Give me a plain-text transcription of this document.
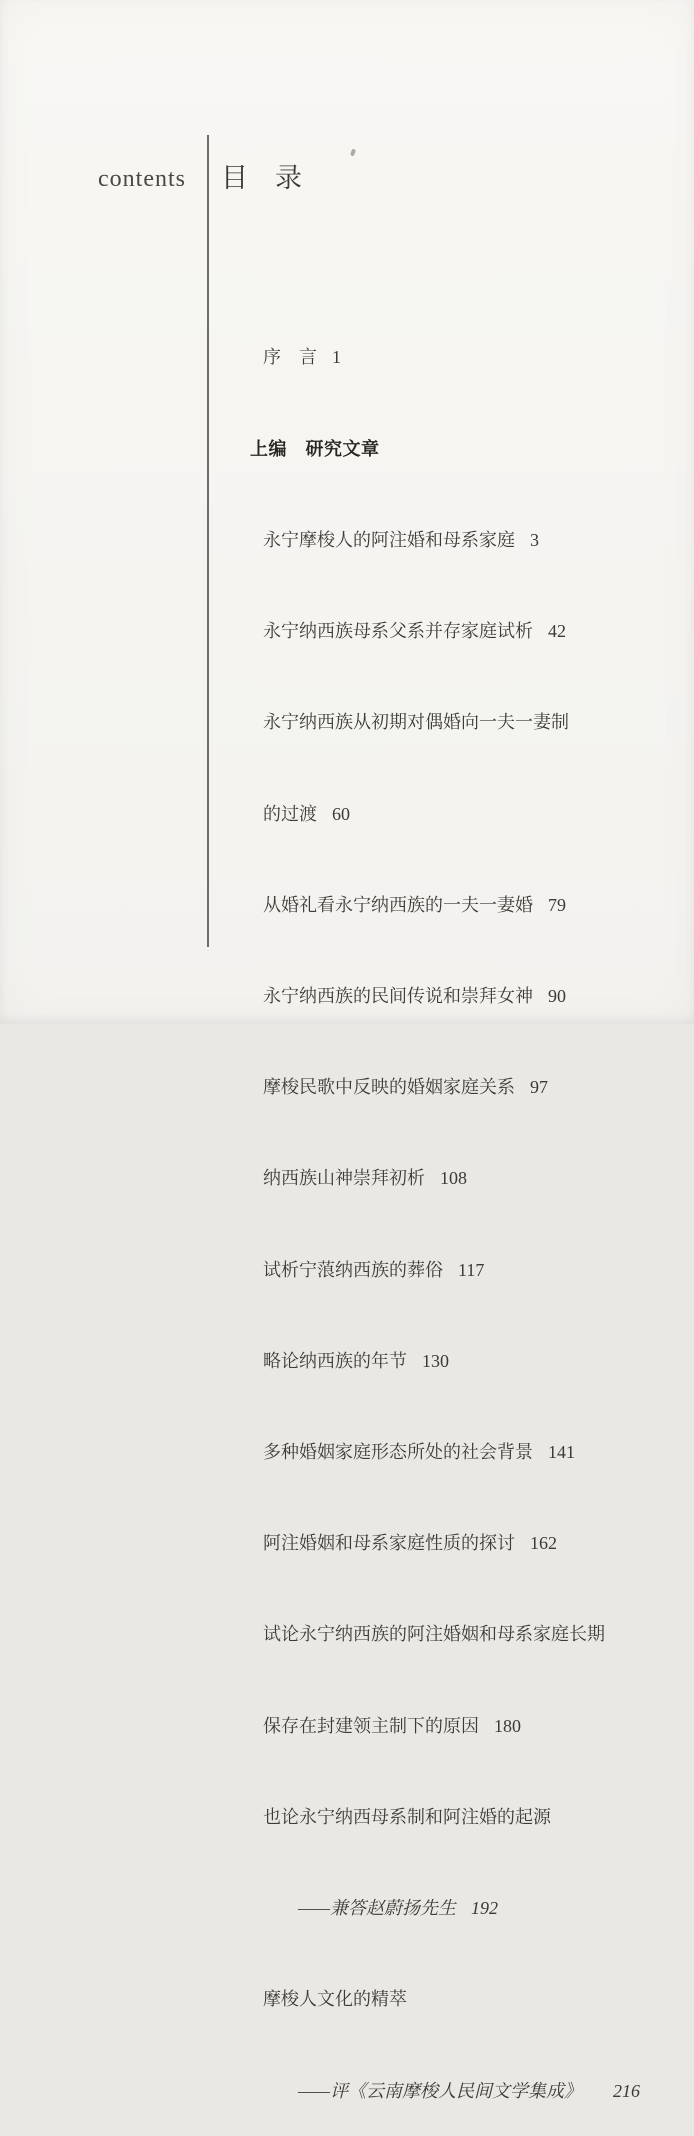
contents 目　录

序　言 1

上编　研究文章

永宁摩梭人的阿注婚和母系家庭 3

永宁纳西族母系父系并存家庭试析 42

永宁纳西族从初期对偶婚向一夫一妻制

的过渡 60

从婚礼看永宁纳西族的一夫一妻婚 79

永宁纳西族的民间传说和崇拜女神 90

摩梭民歌中反映的婚姻家庭关系 97

纳西族山神崇拜初析 108

试析宁蒗纳西族的葬俗 117

略论纳西族的年节 130

多种婚姻家庭形态所处的社会背景 141

阿注婚姻和母系家庭性质的探讨 162

试论永宁纳西族的阿注婚姻和母系家庭长期

保存在封建领主制下的原因 180

也论永宁纳西母系制和阿注婚的起源

——兼答赵蔚扬先生 192

摩梭人文化的精萃

——评《云南摩梭人民间文学集成》 216
